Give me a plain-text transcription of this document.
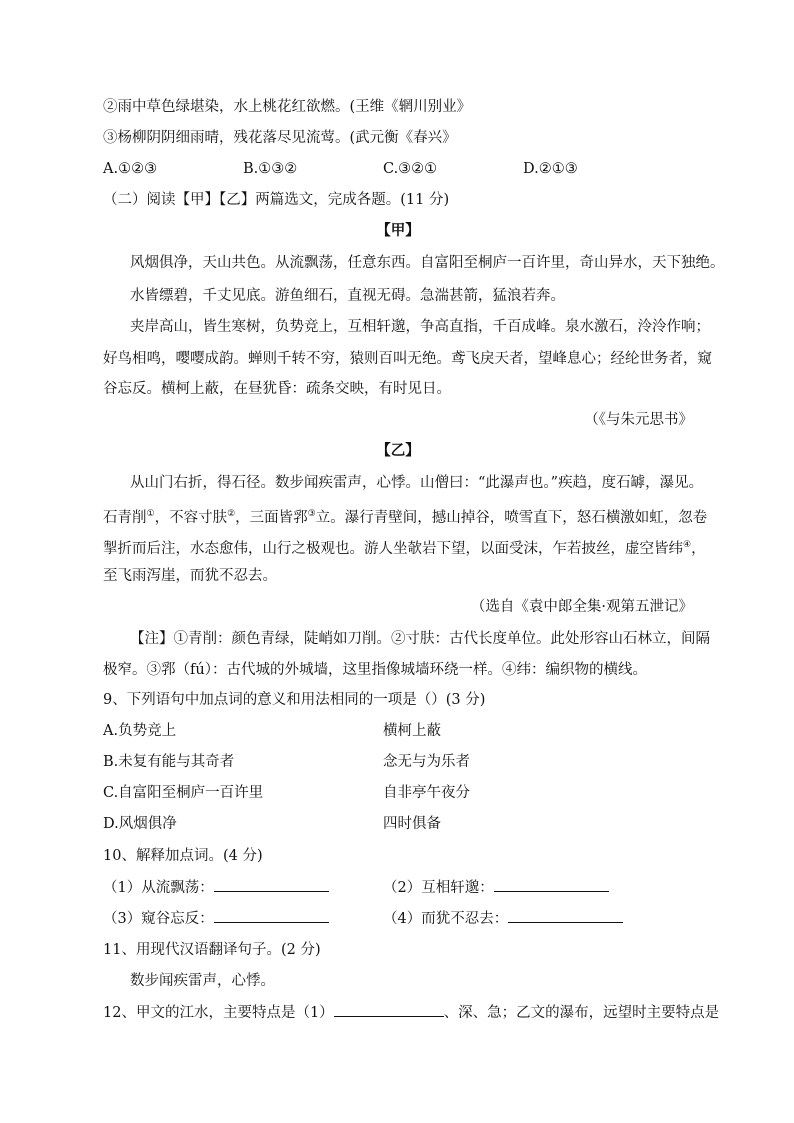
②雨中草色绿堪染，水上桃花红欲燃。(王维《辋川别业》
③杨柳阴阴细雨晴，残花落尽见流莺。(武元衡《春兴》
A.①②③	B.①③②	C.③②①	D.②①③
（二）阅读【甲】【乙】两篇选文，完成各题。(11 分)
【甲】
风烟俱净，天山共色。从流飘荡，任意东西。自富阳至桐庐一百许里，奇山异水，天下独绝。
水皆缥碧，千丈见底。游鱼细石，直视无碍。急湍甚箭，猛浪若奔。
夹岸高山，皆生寒树，负势竞上，互相轩邈，争高直指，千百成峰。泉水激石，泠泠作响；
好鸟相鸣，嘤嘤成韵。蝉则千转不穷，猿则百叫无绝。鸢飞戾天者，望峰息心；经纶世务者，窥
谷忘反。横柯上蔽，在昼犹昏：疏条交映，有时见日。
（《与朱元思书》
【乙】
从山门右折，得石径。数步闻疾雷声，心悸。山僧曰：“此瀑声也。”疾趋，度石罅，瀑见。
石青削①，不容寸肤②，三面皆郛③立。瀑行青壁间，撼山掉谷，喷雪直下，怒石横激如虹，忽卷
掣折而后注，水态愈伟，山行之极观也。游人坐欹岩下望，以面受沫，乍若披丝，虚空皆纬④，
至飞雨泻崖，而犹不忍去。
（选自《袁中郎全集·观第五泄记》
【注】①青削：颜色青绿，陡峭如刀削。②寸肤：古代长度单位。此处形容山石林立，间隔
极窄。③郛（fú）：古代城的外城墙，这里指像城墙环绕一样。④纬：编织物的横线。
9、下列语句中加点词的意义和用法相同的一项是（）(3 分)
A.负势竞上	横柯上蔽
B.未复有能与其奇者	念无与为乐者
C.自富阳至桐庐一百许里	自非亭午夜分
D.风烟俱净	四时俱备
10、解释加点词。(4 分)
（1）从流飘荡：	（2）互相轩邈：
（3）窥谷忘反：	（4）而犹不忍去：
11、用现代汉语翻译句子。(2 分)
数步闻疾雷声，心悸。
12、甲文的江水，主要特点是（1）	、深、急；乙文的瀑布，远望时主要特点是
